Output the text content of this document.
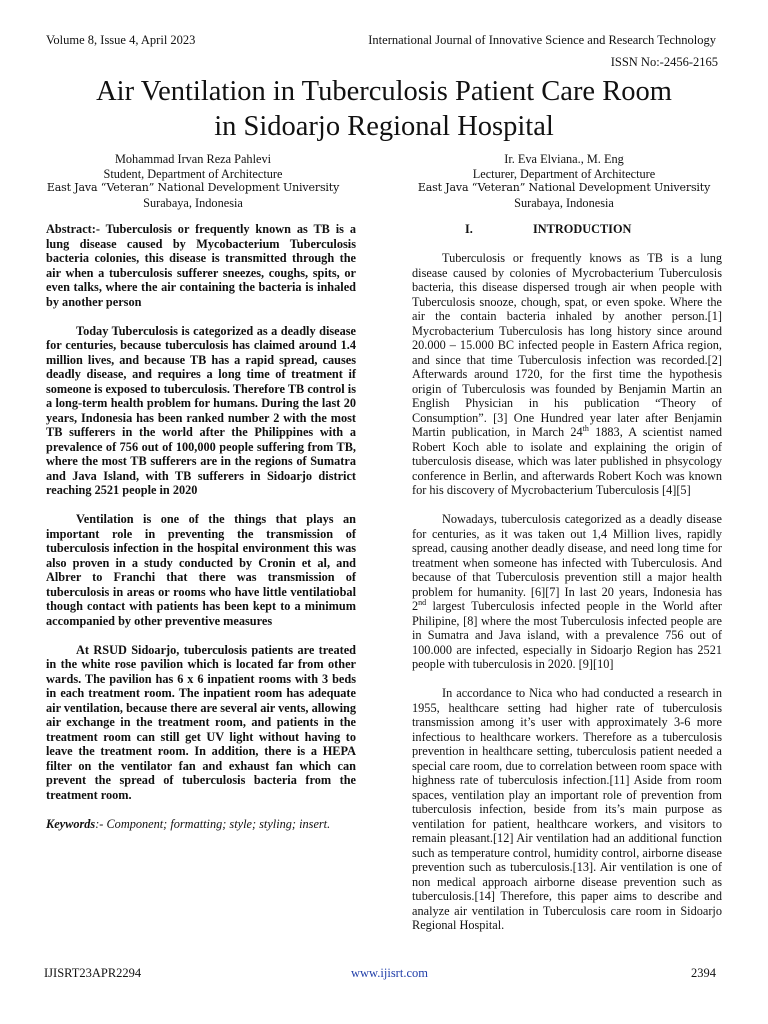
Volume 8, Issue 4, April 2023	International Journal of Innovative Science and Research Technology
ISSN No:-2456-2165
Air Ventilation in Tuberculosis Patient Care Room
in Sidoarjo Regional Hospital
Mohammad Irvan Reza Pahlevi
Student, Department of Architecture
East Java “Veteran” National Development University
Surabaya, Indonesia
Ir. Eva Elviana., M. Eng
Lecturer, Department of Architecture
East Java “Veteran” National Development University
Surabaya, Indonesia

Abstract:- Tuberculosis or frequently known as TB is a lung disease caused by Mycobacterium Tuberculosis bacteria colonies, this disease is transmitted through the air when a tuberculosis sufferer sneezes, coughs, spits, or even talks, where the air containing the bacteria is inhaled by another person

Today Tuberculosis is categorized as a deadly disease for centuries, because tuberculosis has claimed around 1.4 million lives, and because TB has a rapid spread, causes deadly disease, and requires a long time of treatment if someone is exposed to tuberculosis. Therefore TB control is a long-term health problem for humans. During the last 20 years, Indonesia has been ranked number 2 with the most TB sufferers in the world after the Philippines with a prevalence of 756 out of 100,000 people suffering from TB, where the most TB sufferers are in the regions of Sumatra and Java Island, with TB sufferers in Sidoarjo district reaching 2521 people in 2020

Ventilation is one of the things that plays an important role in preventing the transmission of tuberculosis infection in the hospital environment this was also proven in a study conducted by Cronin et al, and Albrer to Franchi that there was transmission of tuberculosis in areas or rooms who have little ventilatiobal though contact with patients has been kept to a minimum accompanied by other preventive measures

At RSUD Sidoarjo, tuberculosis patients are treated in the white rose pavilion which is located far from other wards. The pavilion has 6 x 6 inpatient rooms with 3 beds in each treatment room. The inpatient room has adequate air ventilation, because there are several air vents, allowing air exchange in the treatment room, and patients in the treatment room can still get UV light without having to leave the treatment room. In addition, there is a HEPA filter on the ventilator fan and exhaust fan which can prevent the spread of tuberculosis bacteria from the treatment room.

Keywords:- Component; formatting; style; styling; insert.

I.	INTRODUCTION

Tuberculosis or frequently knows as TB is a lung disease caused by colonies of Mycrobacterium Tuberculosis bacteria, this disease dispersed trough air when people with Tuberculosis snooze, chough, spat, or even spoke. Where the air the contain bacteria inhaled by another person.[1] Mycrobacterium Tuberculosis has long history since around 20.000 – 15.000 BC infected people in Eastern Africa region, and since that time Tuberculosis infection was recorded.[2] Afterwards around 1720, for the first time the hypothesis origin of Tuberculosis was founded by Benjamin Martin an English Physician in his publication “Theory of Consumption”. [3] One Hundred year later after Benjamin Martin publication, in March 24th 1883, A scientist named Robert Koch able to isolate and explaining the origin of tuberculosis disease, which was later published in phsycology conference in Berlin, and afterwards Robert Koch was known for his discovery of Mycrobacterium Tuberculosis [4][5]

Nowadays, tuberculosis categorized as a deadly disease for centuries, as it was taken out 1,4 Million lives, rapidly spread, causing another deadly disease, and need long time for treatment when someone has infected with Tuberculosis. And because of that Tuberculosis prevention still a major health problem for humanity. [6][7] In last 20 years, Indonesia has 2nd largest Tuberculosis infected people in the World after Philipine, [8] where the most Tuberculosis infected people are in Sumatra and Java island, with a prevalence 756 out of 100.000 are infected, especially in Sidoarjo Region has 2521 people with tuberculosis in 2020. [9][10]

In accordance to Nica who had conducted a research in 1955, healthcare setting had higher rate of tuberculosis transmission among it’s user with approximately 3-6 more infectious to healthcare workers. Therefore as a tuberculosis prevention in healthcare setting, tuberculosis patient needed a special care room, due to correlation between room space with highness rate of tuberculosis infection.[11] Aside from room spaces, ventilation play an important role of prevention from tuberculosis infection, beside from its’s main purpose as ventilation for patient, healthcare workers, and visitors to remain pleasant.[12] Air ventilation had an additional function such as temperature control, humidity control, airborne disease prevention such as tuberculosis.[13]. Air ventilation is one of non medical approach airborne disease prevention such as tuberculosis.[14] Therefore, this paper aims to describe and analyze air ventilation in Tuberculosis care room in Sidoarjo Regional Hospital.

IJISRT23APR2294	www.ijisrt.com	2394
